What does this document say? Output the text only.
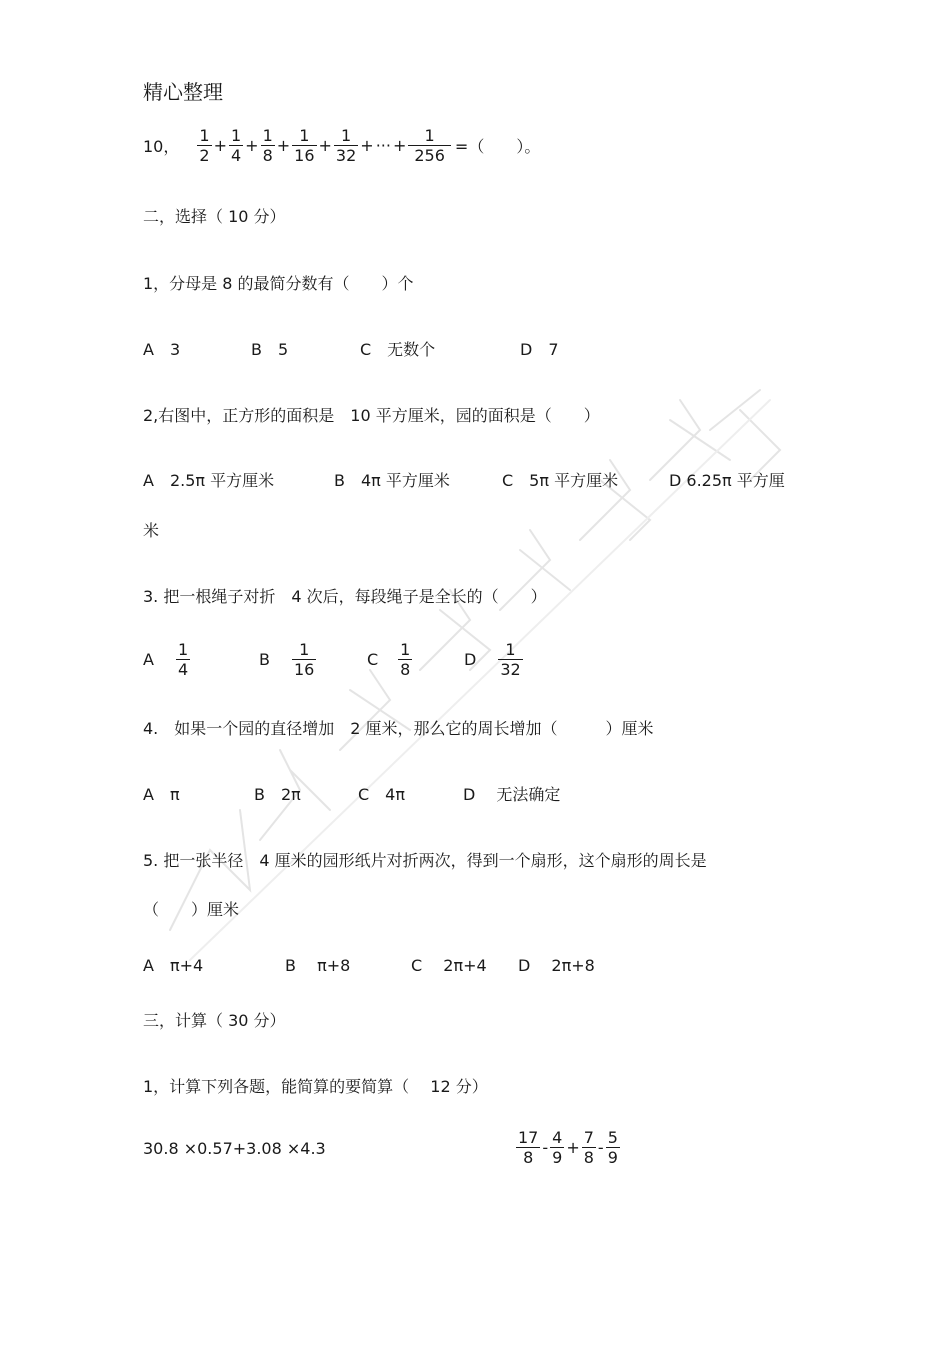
精心整理
10， $\frac{1}{2} + \frac{1}{4} + \frac{1}{8} + \frac{1}{16} + \frac{1}{32}$ + ··· + $\frac{1}{256}$ =（　　）。
二，选择（ 10 分）
1，分母是 8 的最简分数有（　　）个
A　3	B　5	C　无数个	D　7
2,右图中，正方形的面积是　10 平方厘米，园的面积是（　　）
A　2.5π 平方厘米	B　4π 平方厘米	C　5π 平方厘米	D 6.25π 平方厘
米
3. 把一根绳子对折　4 次后，每段绳子是全长的（　　）
A $\frac{1}{4}$	B $\frac{1}{16}$	C $\frac{1}{8}$	D $\frac{1}{32}$
4.　如果一个园的直径增加　2 厘米，那么它的周长增加（　　　）厘米
A　π	B　2π	C　4π	D　 无法确定
5. 把一张半径　4 厘米的园形纸片对折两次，得到一个扇形，这个扇形的周长是
（　　）厘米
A　π+4	B　 π+8	C　 2π+4 D　 2π+8
三，计算（ 30 分）
1，计算下列各题，能简算的要简算（　 12 分）
30.8 ×0.57+3.08 ×4.3	$\frac{17}{8} - \frac{4}{9} + \frac{7}{8} - \frac{5}{9}$
